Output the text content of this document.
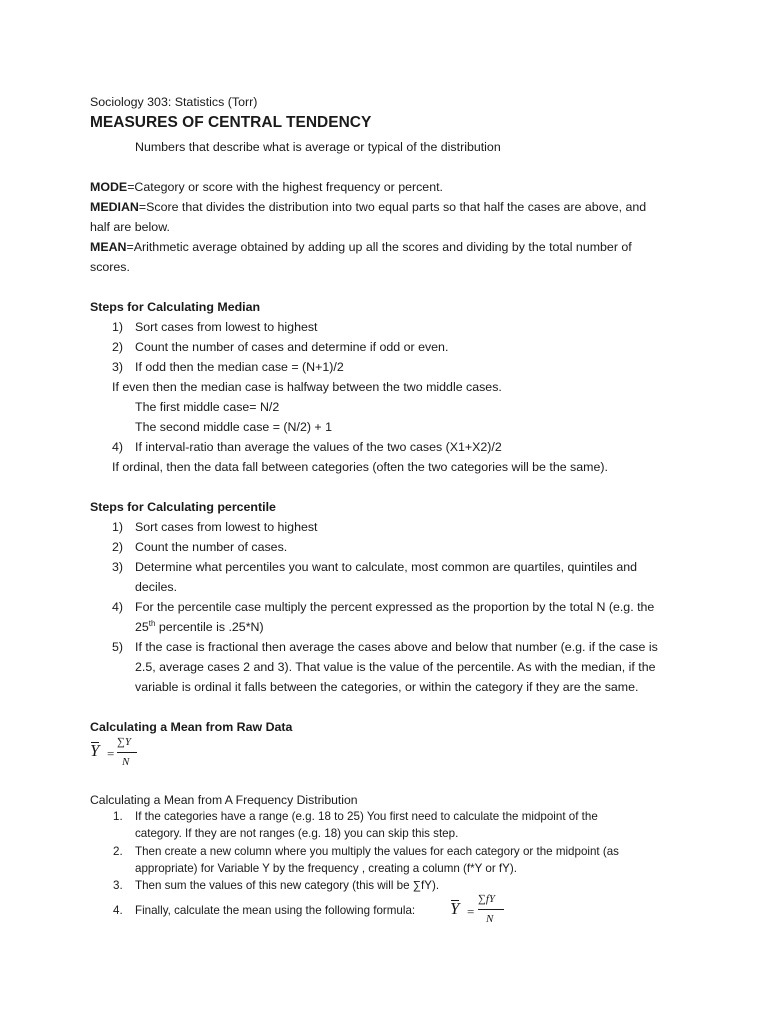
Sociology 303: Statistics (Torr)
MEASURES OF CENTRAL TENDENCY
Numbers that describe what is average or typical of the distribution
MODE=Category or score with the highest frequency or percent.
MEDIAN=Score that divides the distribution into two equal parts so that half the cases are above, and
half are below.
MEAN=Arithmetic average obtained by adding up all the scores and dividing by the total number of
scores.
Steps for Calculating Median
1) Sort cases from lowest to highest
2) Count the number of cases and determine if odd or even.
3) If odd then the median case = (N+1)/2
If even then the median case is halfway between the two middle cases.
The first middle case= N/2
The second middle case = (N/2) + 1
4) If interval-ratio than average the values of the two cases (X1+X2)/2
If ordinal, then the data fall between categories (often the two categories will be the same).
Steps for Calculating percentile
1) Sort cases from lowest to highest
2) Count the number of cases.
3) Determine what percentiles you want to calculate, most common are quartiles, quintiles and
deciles.
4) For the percentile case multiply the percent expressed as the proportion by the total N (e.g. the
25th percentile is .25*N)
5) If the case is fractional then average the cases above and below that number (e.g. if the case is
2.5, average cases 2 and 3). That value is the value of the percentile. As with the median, if the
variable is ordinal it falls between the categories, or within the category if they are the same.
Calculating a Mean from Raw Data
Y =
∑Y
N
Calculating a Mean from A Frequency Distribution
1. If the categories have a range (e.g. 18 to 25) You first need to calculate the midpoint of the
category. If they are not ranges (e.g. 18) you can skip this step.
2. Then create a new column where you multiply the values for each category or the midpoint (as
appropriate) for Variable Y by the frequency , creating a column (f*Y or fY).
3. Then sum the values of this new category (this will be ∑fY).
4. Finally, calculate the mean using the following formula: Y =
∑fY
N
